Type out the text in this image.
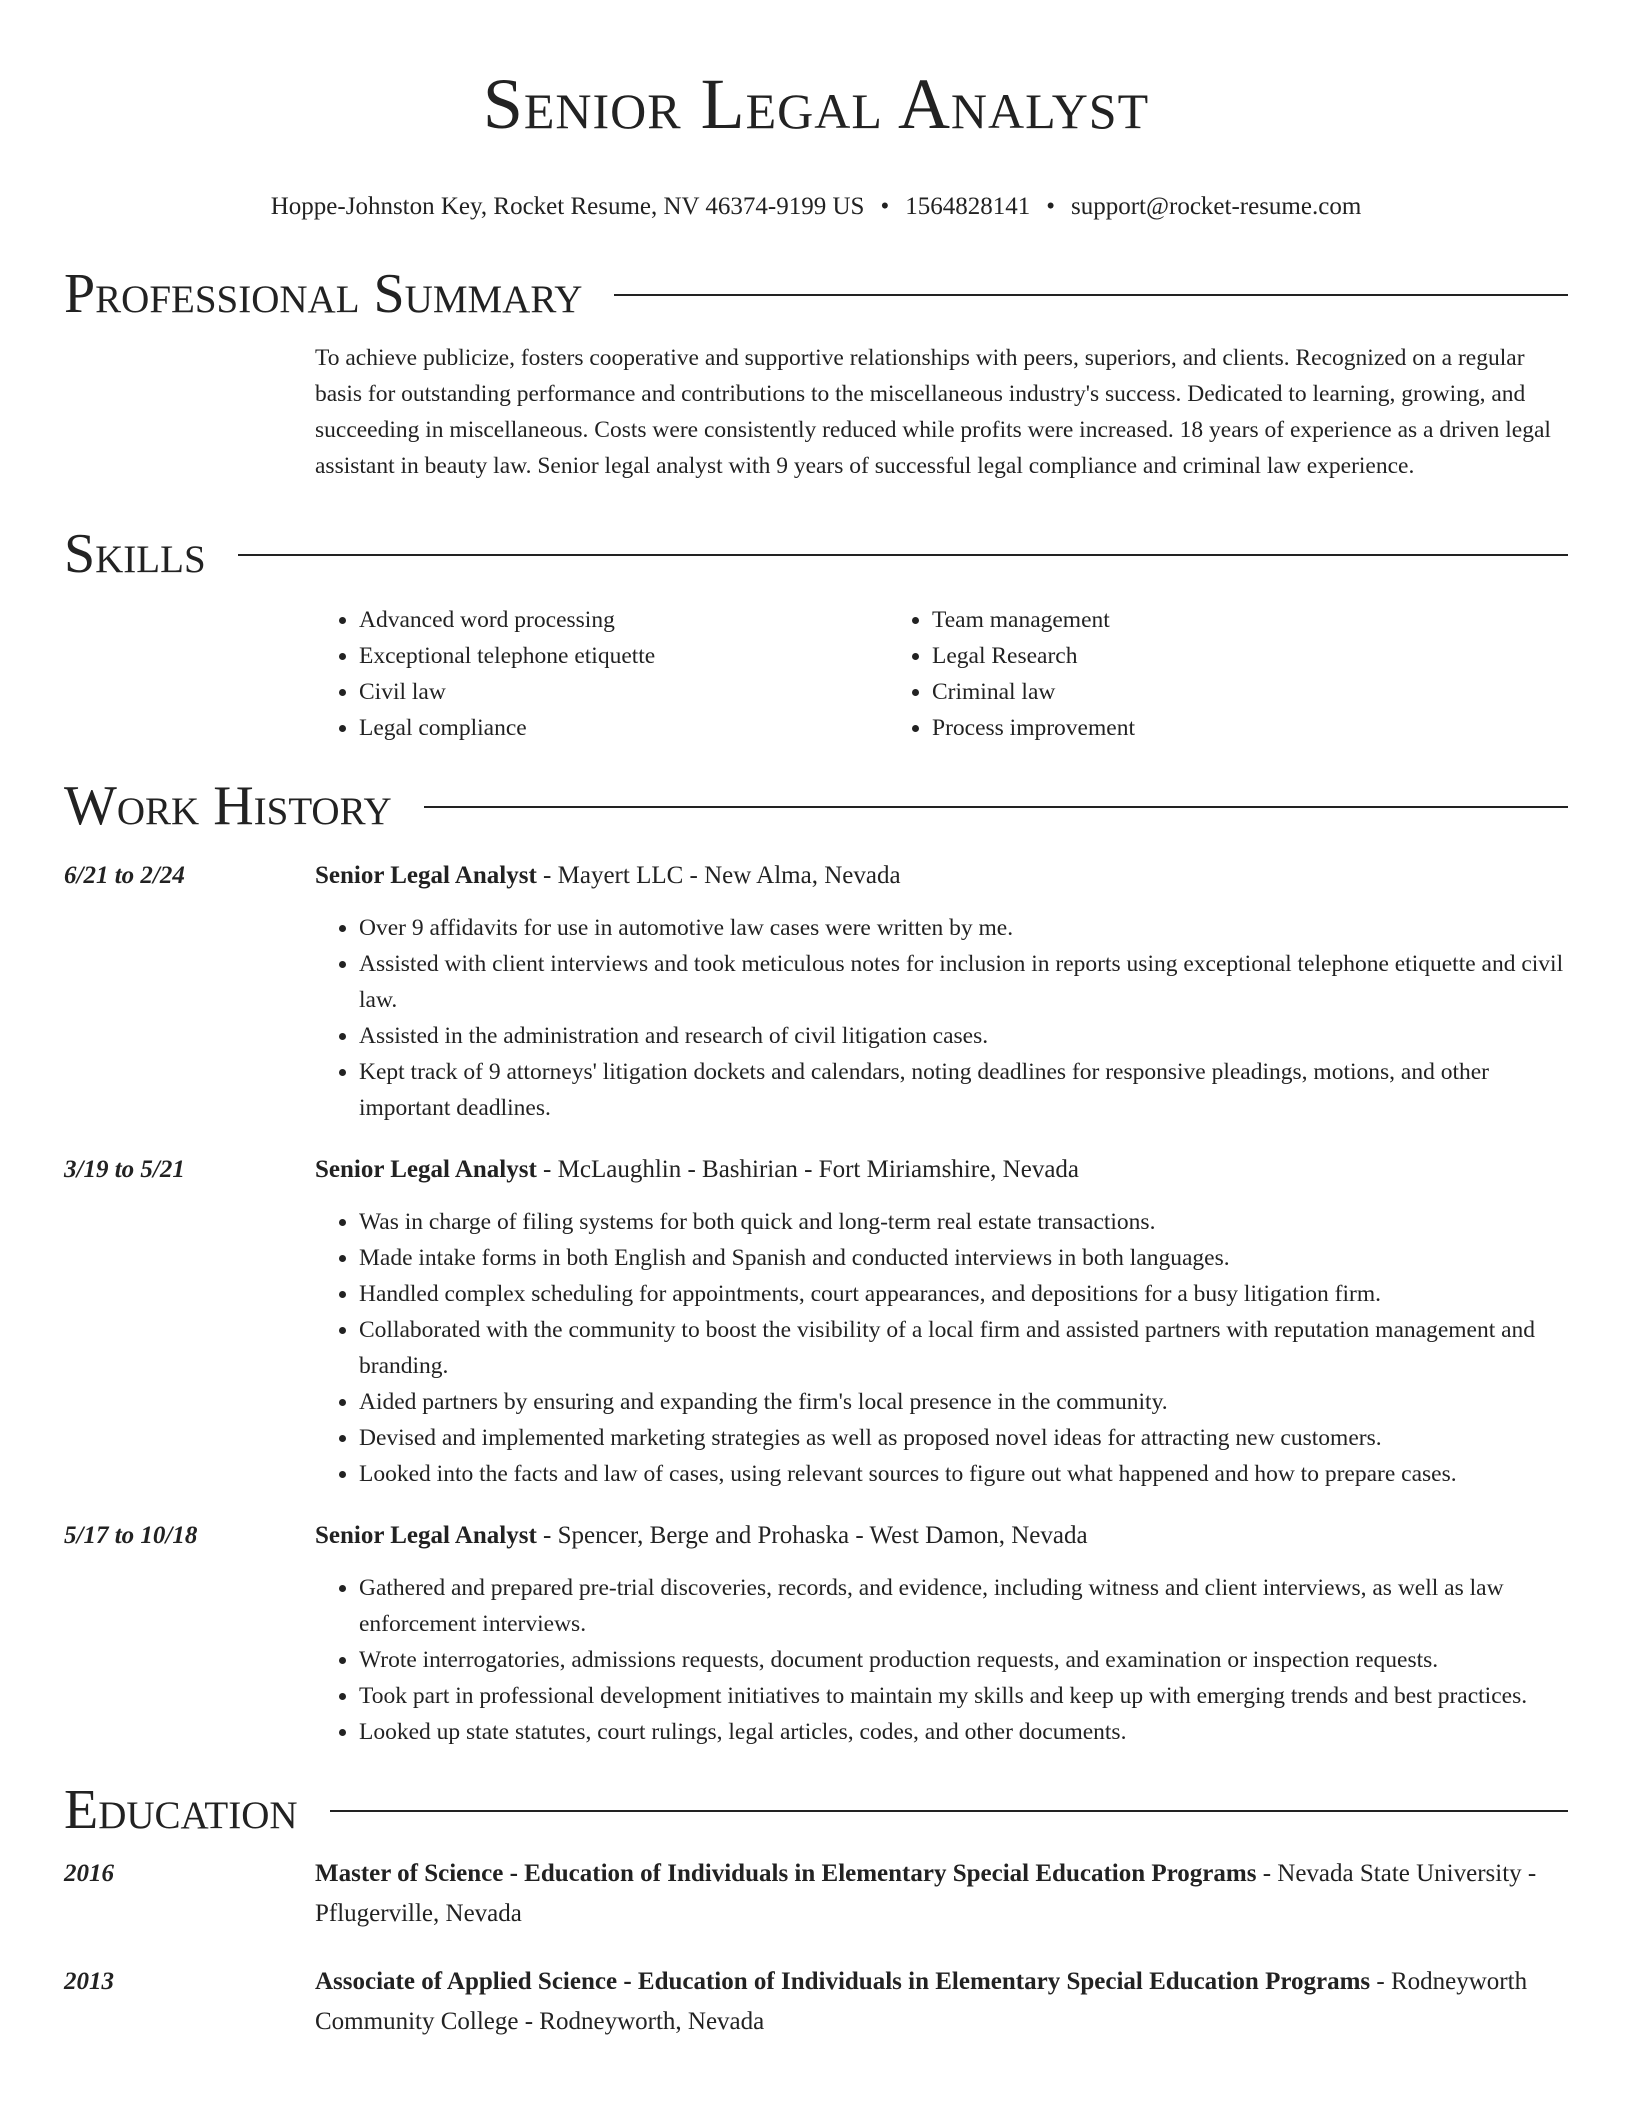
Senior Legal Analyst
Hoppe-Johnston Key, Rocket Resume, NV 46374-9199 US • 1564828141 • support@rocket-resume.com
Professional Summary
To achieve publicize, fosters cooperative and supportive relationships with peers, superiors, and clients. Recognized on a regular basis for outstanding performance and contributions to the miscellaneous industry's success. Dedicated to learning, growing, and succeeding in miscellaneous. Costs were consistently reduced while profits were increased. 18 years of experience as a driven legal assistant in beauty law. Senior legal analyst with 9 years of successful legal compliance and criminal law experience.
Skills
• Advanced word processing
• Exceptional telephone etiquette
• Civil law
• Legal compliance
• Team management
• Legal Research
• Criminal law
• Process improvement
Work History
6/21 to 2/24	Senior Legal Analyst - Mayert LLC - New Alma, Nevada
• Over 9 affidavits for use in automotive law cases were written by me.
• Assisted with client interviews and took meticulous notes for inclusion in reports using exceptional telephone etiquette and civil law.
• Assisted in the administration and research of civil litigation cases.
• Kept track of 9 attorneys' litigation dockets and calendars, noting deadlines for responsive pleadings, motions, and other important deadlines.
3/19 to 5/21	Senior Legal Analyst - McLaughlin - Bashirian - Fort Miriamshire, Nevada
• Was in charge of filing systems for both quick and long-term real estate transactions.
• Made intake forms in both English and Spanish and conducted interviews in both languages.
• Handled complex scheduling for appointments, court appearances, and depositions for a busy litigation firm.
• Collaborated with the community to boost the visibility of a local firm and assisted partners with reputation management and branding.
• Aided partners by ensuring and expanding the firm's local presence in the community.
• Devised and implemented marketing strategies as well as proposed novel ideas for attracting new customers.
• Looked into the facts and law of cases, using relevant sources to figure out what happened and how to prepare cases.
5/17 to 10/18	Senior Legal Analyst - Spencer, Berge and Prohaska - West Damon, Nevada
• Gathered and prepared pre-trial discoveries, records, and evidence, including witness and client interviews, as well as law enforcement interviews.
• Wrote interrogatories, admissions requests, document production requests, and examination or inspection requests.
• Took part in professional development initiatives to maintain my skills and keep up with emerging trends and best practices.
• Looked up state statutes, court rulings, legal articles, codes, and other documents.
Education
2016	Master of Science - Education of Individuals in Elementary Special Education Programs - Nevada State University - Pflugerville, Nevada
2013	Associate of Applied Science - Education of Individuals in Elementary Special Education Programs - Rodneyworth Community College - Rodneyworth, Nevada
